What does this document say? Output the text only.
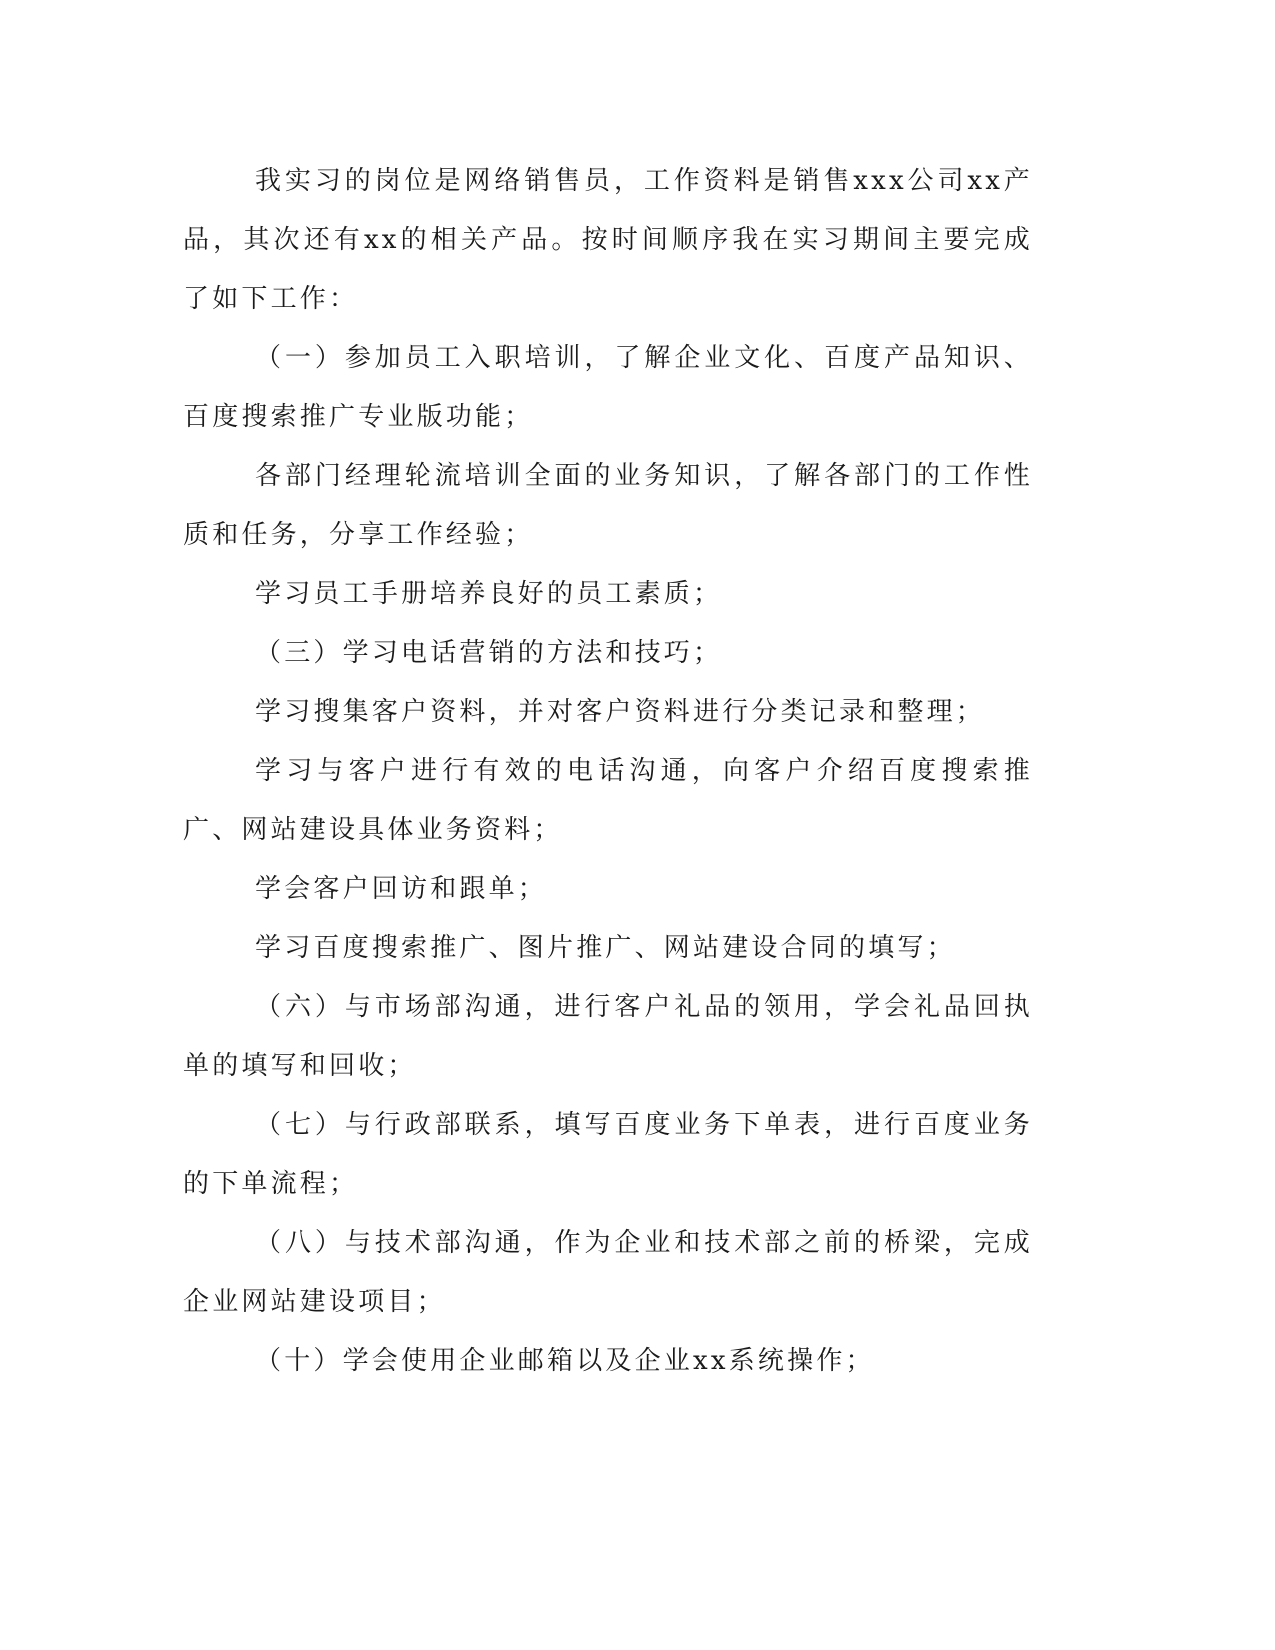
我实习的岗位是网络销售员，工作资料是销售xxx公司xx产品，其次还有xx的相关产品。按时间顺序我在实习期间主要完成了如下工作：

（一）参加员工入职培训，了解企业文化、百度产品知识、百度搜索推广专业版功能；

各部门经理轮流培训全面的业务知识，了解各部门的工作性质和任务，分享工作经验；

学习员工手册培养良好的员工素质；

（三）学习电话营销的方法和技巧；

学习搜集客户资料，并对客户资料进行分类记录和整理；

学习与客户进行有效的电话沟通，向客户介绍百度搜索推广、网站建设具体业务资料；

学会客户回访和跟单；

学习百度搜索推广、图片推广、网站建设合同的填写；

（六）与市场部沟通，进行客户礼品的领用，学会礼品回执单的填写和回收；

（七）与行政部联系，填写百度业务下单表，进行百度业务的下单流程；

（八）与技术部沟通，作为企业和技术部之前的桥梁，完成企业网站建设项目；

（十）学会使用企业邮箱以及企业xx系统操作；
